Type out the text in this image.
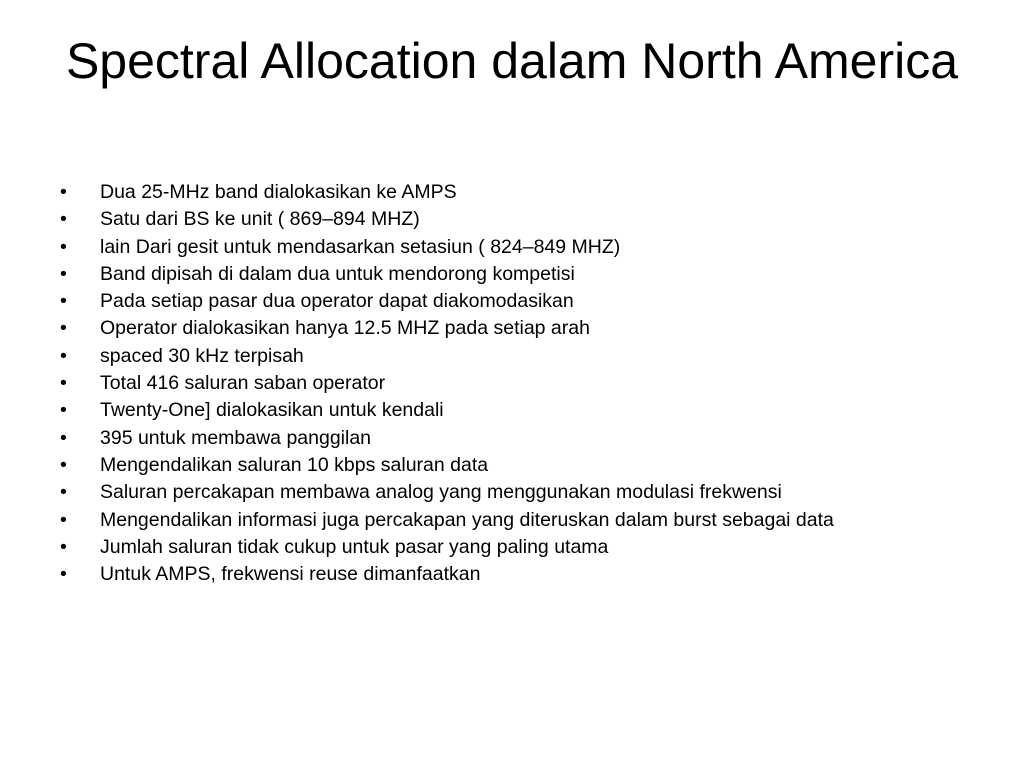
Spectral Allocation dalam North America
•	Dua 25-MHz band dialokasikan ke AMPS
•	Satu dari BS ke unit ( 869–894 MHZ)
•	lain Dari gesit untuk mendasarkan setasiun ( 824–849 MHZ)
•	Band dipisah di dalam dua untuk mendorong kompetisi
•	Pada setiap pasar dua operator dapat diakomodasikan
•	Operator dialokasikan hanya 12.5 MHZ pada setiap arah
•	spaced 30 kHz terpisah
•	Total 416 saluran saban operator
•	Twenty-One] dialokasikan untuk kendali
•	395 untuk membawa panggilan
•	Mengendalikan saluran 10 kbps saluran data
•	Saluran percakapan membawa analog yang menggunakan modulasi frekwensi
•	Mengendalikan informasi juga percakapan yang diteruskan dalam burst sebagai data
•	Jumlah saluran tidak cukup untuk pasar yang paling utama
•	Untuk AMPS, frekwensi reuse dimanfaatkan
